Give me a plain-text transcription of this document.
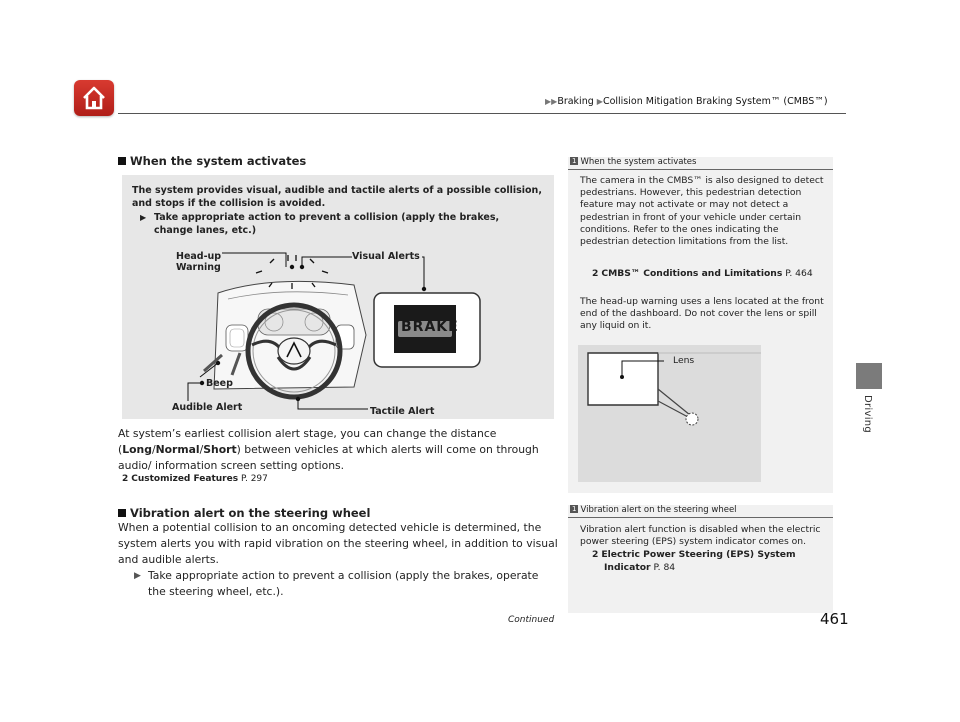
▶▶Braking ▶Collision Mitigation Braking System™ (CMBS™)
Driving
When the system activates
The system provides visual, audible and tactile alerts of a possible collision, and stops if the collision is avoided.
▶ Take appropriate action to prevent a collision (apply the brakes, change lanes, etc.)
Head-up
Warning
Visual Alerts
BRAKE
Beep
Audible Alert	Tactile Alert
At system’s earliest collision alert stage, you can change the distance (Long/Normal/Short) between vehicles at which alerts will come on through audio/ information screen setting options.
2 Customized Features P. 297
Vibration alert on the steering wheel
When a potential collision to an oncoming detected vehicle is determined, the system alerts you with rapid vibration on the steering wheel, in addition to visual and audible alerts.
▶ Take appropriate action to prevent a collision (apply the brakes, operate the steering wheel, etc.).
1 When the system activates
The camera in the CMBS™ is also designed to detect pedestrians. However, this pedestrian detection feature may not activate or may not detect a pedestrian in front of your vehicle under certain conditions. Refer to the ones indicating the pedestrian detection limitations from the list.
2 CMBS™ Conditions and Limitations P. 464
The head-up warning uses a lens located at the front end of the dashboard. Do not cover the lens or spill any liquid on it.
Lens
1 Vibration alert on the steering wheel
Vibration alert function is disabled when the electric power steering (EPS) system indicator comes on.
2 Electric Power Steering (EPS) System
Indicator P. 84
Continued	461
